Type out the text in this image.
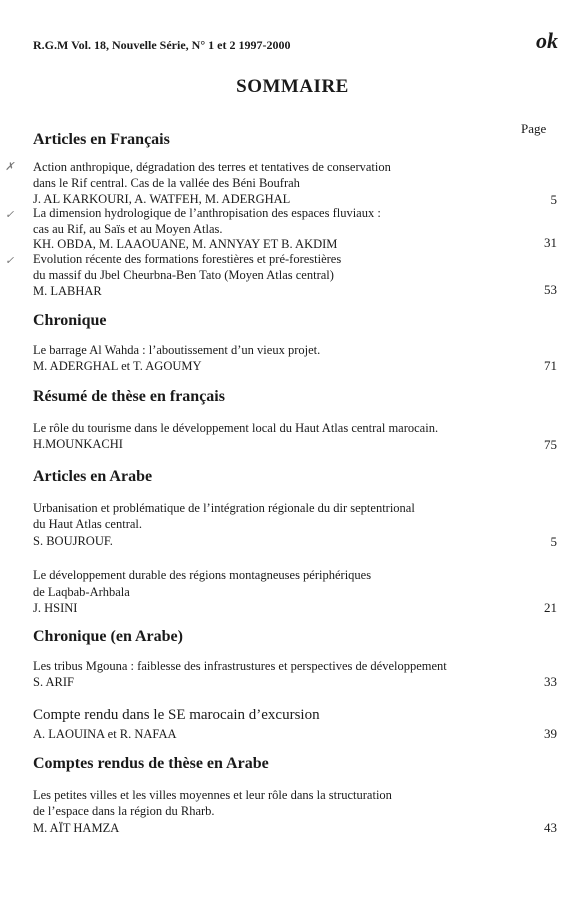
R.G.M Vol. 18, Nouvelle Série, N° 1 et 2 1997-2000	ok
SOMMAIRE
Page
Articles en Français
✗ Action anthropique, dégradation des terres et tentatives de conservation
dans le Rif central. Cas de la vallée des Béni Boufrah
J. AL KARKOURI, A. WATFEH, M. ADERGHAL	5
✓ La dimension hydrologique de l’anthropisation des espaces fluviaux :
cas au Rif, au Saïs et au Moyen Atlas.
KH. OBDA, M. LAAOUANE, M. ANNYAY ET B. AKDIM	31
✓ Evolution récente des formations forestières et pré-forestières
du massif du Jbel Cheurbna-Ben Tato (Moyen Atlas central)
M. LABHAR	53
Chronique
Le barrage Al Wahda : l’aboutissement d’un vieux projet.
M. ADERGHAL et T. AGOUMY	71
Résumé de thèse en français
Le rôle du tourisme dans le développement local du Haut Atlas central marocain.
H.MOUNKACHI	75
Articles en Arabe
Urbanisation et problématique de l’intégration régionale du dir septentrional
du Haut Atlas central.
S. BOUJROUF.	5
Le développement durable des régions montagneuses périphériques
de Laqbab-Arhbala
J. HSINI	21
Chronique (en Arabe)
Les tribus Mgouna : faiblesse des infrastrustures et perspectives de développement
S. ARIF	33
Compte rendu dans le SE marocain d’excursion
A. LAOUINA et R. NAFAA	39
Comptes rendus de thèse en Arabe
Les petites villes et les villes moyennes et leur rôle dans la structuration
de l’espace dans la région du Rharb.
M. AÏT HAMZA	43
